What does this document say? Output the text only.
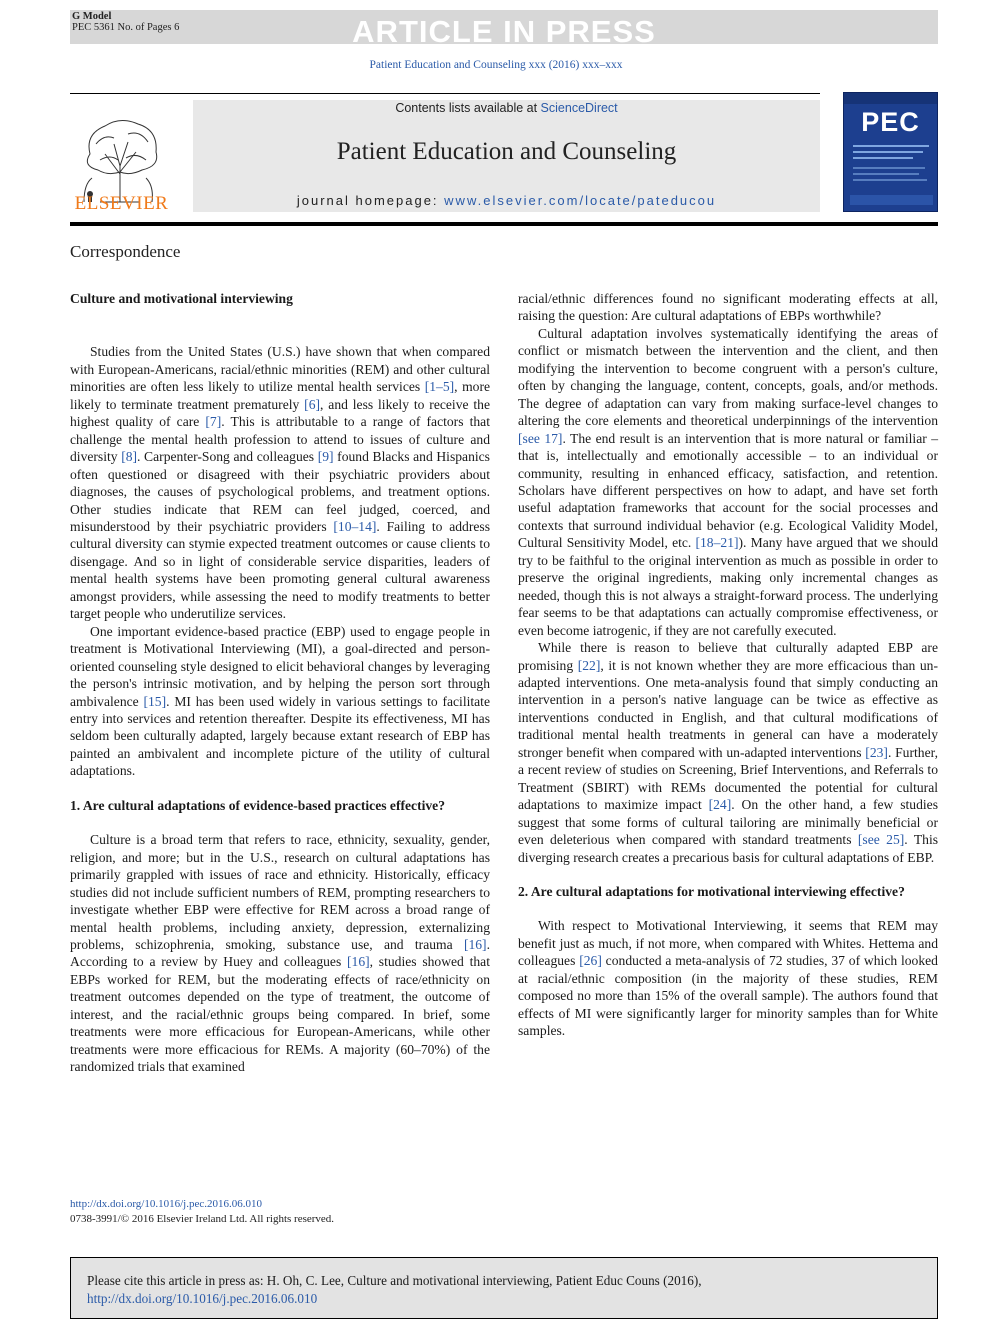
ARTICLE IN PRESS
G Model
PEC 5361 No. of Pages 6
Patient Education and Counseling xxx (2016) xxx–xxx
ELSEVIER
Contents lists available at ScienceDirect
Patient Education and Counseling
journal homepage: www.elsevier.com/locate/pateducou
PEC
Correspondence
Culture and motivational interviewing

Studies from the United States (U.S.) have shown that when compared with European-Americans, racial/ethnic minorities (REM) and other cultural minorities are often less likely to utilize mental health services [1–5], more likely to terminate treatment prematurely [6], and less likely to receive the highest quality of care [7]. This is attributable to a range of factors that challenge the mental health profession to attend to issues of culture and diversity [8]. Carpenter-Song and colleagues [9] found Blacks and Hispanics often questioned or disagreed with their psychiatric providers about diagnoses, the causes of psychological problems, and treatment options. Other studies indicate that REM can feel judged, coerced, and misunderstood by their psychiatric providers [10–14]. Failing to address cultural diversity can stymie expected treatment outcomes or cause clients to disengage. And so in light of considerable service disparities, leaders of mental health systems have been promoting general cultural awareness amongst providers, while assessing the need to modify treatments to better target people who underutilize services.

One important evidence-based practice (EBP) used to engage people in treatment is Motivational Interviewing (MI), a goal-directed and person-oriented counseling style designed to elicit behavioral changes by leveraging the person's intrinsic motivation, and by helping the person sort through ambivalence [15]. MI has been used widely in various settings to facilitate entry into services and retention thereafter. Despite its effectiveness, MI has seldom been culturally adapted, largely because extant research of EBP has painted an ambivalent and incomplete picture of the utility of cultural adaptations.

1. Are cultural adaptations of evidence-based practices effective?

Culture is a broad term that refers to race, ethnicity, sexuality, gender, religion, and more; but in the U.S., research on cultural adaptations has primarily grappled with issues of race and ethnicity. Historically, efficacy studies did not include sufficient numbers of REM, prompting researchers to investigate whether EBP were effective for REM across a broad range of mental health problems, including anxiety, depression, externalizing problems, schizophrenia, smoking, substance use, and trauma [16]. According to a review by Huey and colleagues [16], studies showed that EBPs worked for REM, but the moderating effects of race/ethnicity on treatment outcomes depended on the type of treatment, the outcome of interest, and the racial/ethnic groups being compared. In brief, some treatments were more efficacious for European-Americans, while other treatments were more efficacious for REMs. A majority (60–70%) of the randomized trials that examined

racial/ethnic differences found no significant moderating effects at all, raising the question: Are cultural adaptations of EBPs worthwhile?

Cultural adaptation involves systematically identifying the areas of conflict or mismatch between the intervention and the client, and then modifying the intervention to become congruent with a person's culture, often by changing the language, content, concepts, goals, and/or methods. The degree of adaptation can vary from making surface-level changes to altering the core elements and theoretical underpinnings of the intervention [see 17]. The end result is an intervention that is more natural or familiar – that is, intellectually and emotionally accessible – to an individual or community, resulting in enhanced efficacy, satisfaction, and retention. Scholars have different perspectives on how to adapt, and have set forth useful adaptation frameworks that account for the social processes and contexts that surround individual behavior (e.g. Ecological Validity Model, Cultural Sensitivity Model, etc. [18–21]). Many have argued that we should try to be faithful to the original intervention as much as possible in order to preserve the original ingredients, making only incremental changes as needed, though this is not always a straight-forward process. The underlying fear seems to be that adaptations can actually compromise effectiveness, or even become iatrogenic, if they are not carefully executed.

While there is reason to believe that culturally adapted EBP are promising [22], it is not known whether they are more efficacious than un-adapted interventions. One meta-analysis found that simply conducting an intervention in a person's native language can be twice as effective as interventions conducted in English, and that cultural modifications of traditional mental health treatments in general can have a moderately stronger benefit when compared with un-adapted interventions [23]. Further, a recent review of studies on Screening, Brief Interventions, and Referrals to Treatment (SBIRT) with REMs documented the potential for cultural adaptations to maximize impact [24]. On the other hand, a few studies suggest that some forms of cultural tailoring are minimally beneficial or even deleterious when compared with standard treatments [see 25]. This diverging research creates a precarious basis for cultural adaptations of EBP.

2. Are cultural adaptations for motivational interviewing effective?

With respect to Motivational Interviewing, it seems that REM may benefit just as much, if not more, when compared with Whites. Hettema and colleagues [26] conducted a meta-analysis of 72 studies, 37 of which looked at racial/ethnic composition (in the majority of these studies, REM composed no more than 15% of the overall sample). The authors found that effects of MI were significantly larger for minority samples than for White samples.

http://dx.doi.org/10.1016/j.pec.2016.06.010
0738-3991/© 2016 Elsevier Ireland Ltd. All rights reserved.
Please cite this article in press as: H. Oh, C. Lee, Culture and motivational interviewing, Patient Educ Couns (2016), http://dx.doi.org/10.1016/j.pec.2016.06.010
